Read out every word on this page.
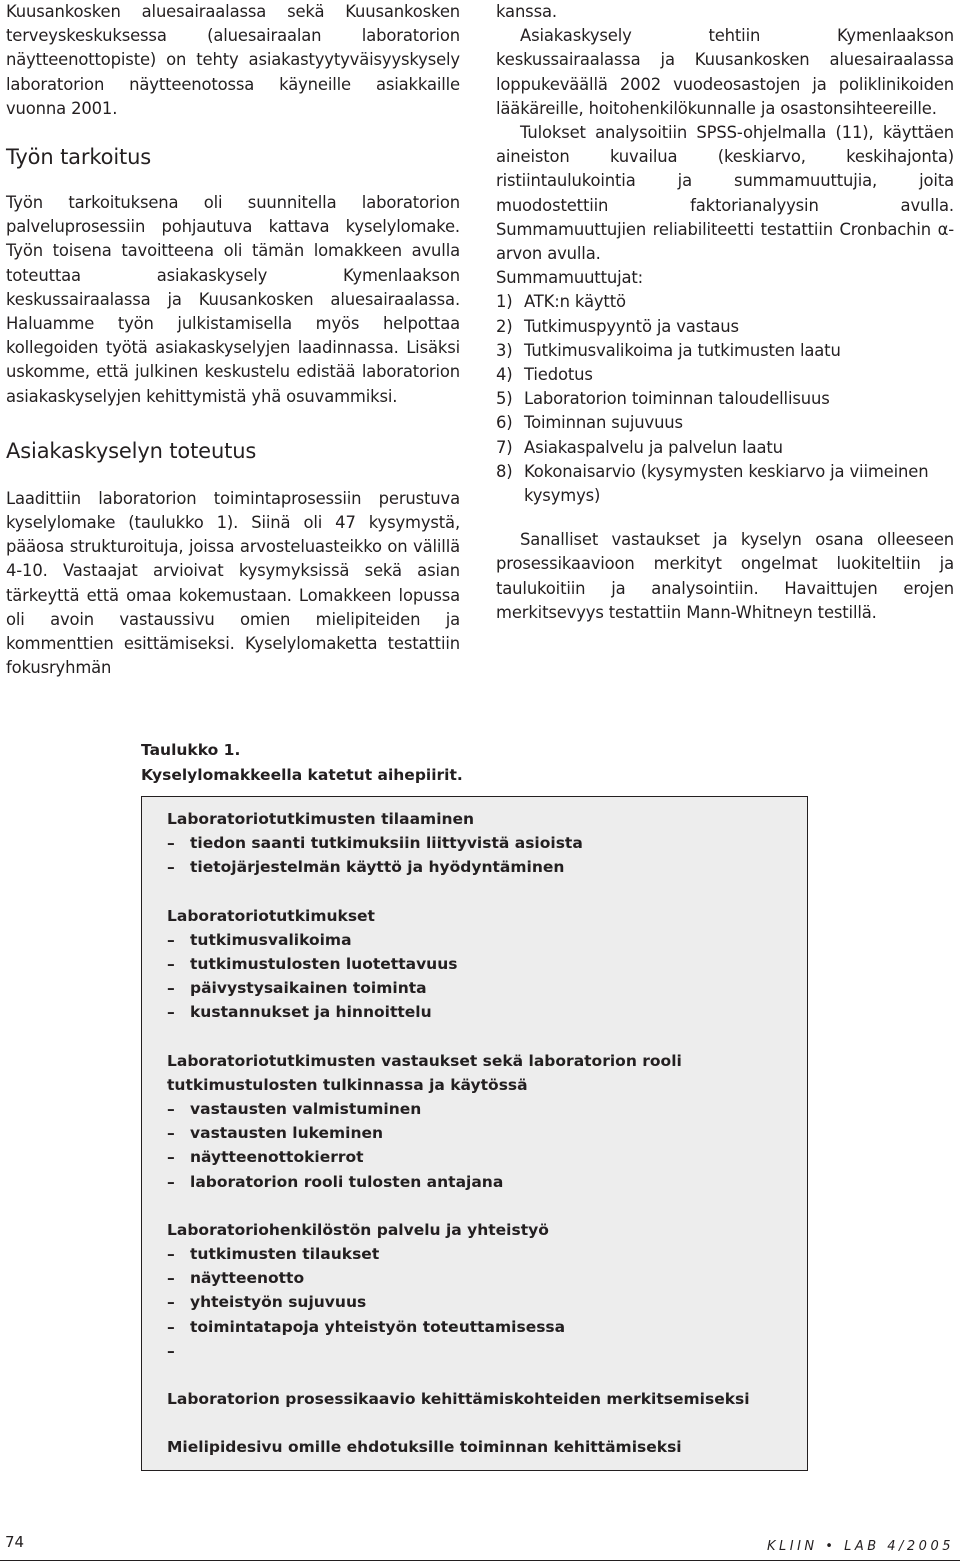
Kuusankosken aluesairaalassa sekä Kuusankosken terveyskeskuksessa (aluesairaalan laboratorion näytteenottopiste) on tehty asiakastyytyväisyyskysely laboratorion näytteenotossa käyneille asiakkaille vuonna 2001.

Työn tarkoitus

Työn tarkoituksena oli suunnitella laboratorion palveluprosessiin pohjautuva kattava kyselylomake. Työn toisena tavoitteena oli tämän lomakkeen avulla toteuttaa asiakaskysely Kymenlaakson keskussairaalassa ja Kuusankosken aluesairaalassa. Haluamme työn julkistamisella myös helpottaa kollegoiden työtä asiakaskyselyjen laadinnassa. Lisäksi uskomme, että julkinen keskustelu edistää laboratorion asiakaskyselyjen kehittymistä yhä osuvammiksi.

Asiakaskyselyn toteutus

Laadittiin laboratorion toimintaprosessiin perustuva kyselylomake (taulukko 1). Siinä oli 47 kysymystä, pääosa strukturoituja, joissa arvosteluasteikko on välillä 4-10. Vastaajat arvioivat kysymyksissä sekä asian tärkeyttä että omaa kokemustaan. Lomakkeen lopussa oli avoin vastaussivu omien mielipiteiden ja kommenttien esittämiseksi. Kyselylomaketta testattiin fokusryhmän

kanssa.

Asiakaskysely tehtiin Kymenlaakson keskussairaalassa ja Kuusankosken aluesairaalassa loppukeväällä 2002 vuodeosastojen ja poliklinikoiden lääkäreille, hoitohenkilökunnalle ja osastonsihteereille.

Tulokset analysoitiin SPSS-ohjelmalla (11), käyttäen aineiston kuvailua (keskiarvo, keskihajonta) ristiintaulukointia ja summamuuttujia, joita muodostettiin faktorianalyysin avulla. Summamuuttujien reliabiliteetti testattiin Cronbachin α-arvon avulla.

Summamuuttujat:

1) ATK:n käyttö
2) Tutkimuspyyntö ja vastaus
3) Tutkimusvalikoima ja tutkimusten laatu
4) Tiedotus
5) Laboratorion toiminnan taloudellisuus
6) Toiminnan sujuvuus
7) Asiakaspalvelu ja palvelun laatu
8) Kokonaisarvio (kysymysten keskiarvo ja viimeinen kysymys)

Sanalliset vastaukset ja kyselyn osana olleeseen prosessikaavioon merkityt ongelmat luokiteltiin ja taulukoitiin ja analysointiin. Havaittujen erojen merkitsevyys testattiin Mann-Whitneyn testillä.

Taulukko 1.
Kyselylomakkeella katetut aihepiirit.
Laboratoriotutkimusten tilaaminen
– tiedon saanti tutkimuksiin liittyvistä asioista
– tietojärjestelmän käyttö ja hyödyntäminen
Laboratoriotutkimukset
– tutkimusvalikoima
– tutkimustulosten luotettavuus
– päivystysaikainen toiminta
– kustannukset ja hinnoittelu
Laboratoriotutkimusten vastaukset sekä laboratorion rooli tutkimustulosten tulkinnassa ja käytössä
– vastausten valmistuminen
– vastausten lukeminen
– näytteenottokierrot
– laboratorion rooli tulosten antajana
Laboratoriohenkilöstön palvelu ja yhteistyö
– tutkimusten tilaukset
– näytteenotto
– yhteistyön sujuvuus
– toimintatapoja yhteistyön toteuttamisessa
–

Laboratorion prosessikaavio kehittämiskohteiden merkitsemiseksi
Mielipidesivu omille ehdotuksille toiminnan kehittämiseksi
74	KLIIN • LAB 4/2005
